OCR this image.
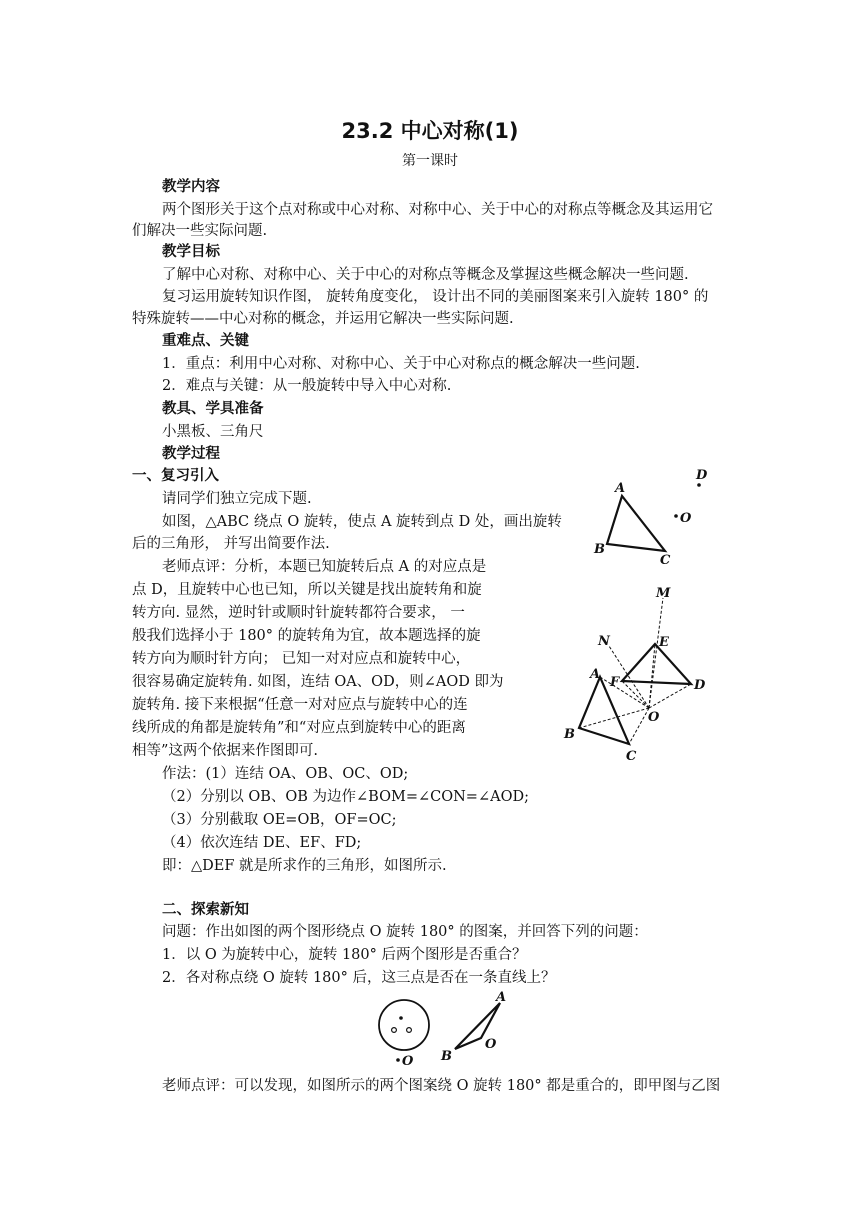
23.2 中心对称(1)
第一课时
教学内容
两个图形关于这个点对称或中心对称、对称中心、关于中心的对称点等概念及其运用它
们解决一些实际问题.
教学目标
了解中心对称、对称中心、关于中心的对称点等概念及掌握这些概念解决一些问题.
复习运用旋转知识作图， 旋转角度变化， 设计出不同的美丽图案来引入旋转 180° 的
特殊旋转——中心对称的概念，并运用它解决一些实际问题.
重难点、关键
1．重点：利用中心对称、对称中心、关于中心对称点的概念解决一些问题.
2．难点与关键：从一般旋转中导入中心对称.
教具、学具准备
小黑板、三角尺
教学过程
一、复习引入
请同学们独立完成下题.
如图，△ABC 绕点 O 旋转，使点 A 旋转到点 D 处，画出旋转
后的三角形， 并写出简要作法.
老师点评：分析，本题已知旋转后点 A 的对应点是
点 D，且旋转中心也已知，所以关键是找出旋转角和旋
转方向. 显然，逆时针或顺时针旋转都符合要求， 一
般我们选择小于 180° 的旋转角为宜，故本题选择的旋
转方向为顺时针方向； 已知一对对应点和旋转中心，
很容易确定旋转角. 如图，连结 OA、OD，则∠AOD 即为
旋转角. 接下来根据“任意一对对应点与旋转中心的连
线所成的角都是旋转角”和“对应点到旋转中心的距离
相等”这两个依据来作图即可.
作法：(1）连结 OA、OB、OC、OD;
（2）分别以 OB、OB 为边作∠BOM=∠CON=∠AOD;
（3）分别截取 OE=OB，OF=OC;
（4）依次连结 DE、EF、FD;
即：△DEF 就是所求作的三角形，如图所示.
二、探索新知
问题：作出如图的两个图形绕点 O 旋转 180° 的图案，并回答下列的问题：
1．以 O 为旋转中心，旋转 180° 后两个图形是否重合？
2．各对称点绕 O 旋转 180° 后，这三点是否在一条直线上？
老师点评：可以发现，如图所示的两个图案绕 O 旋转 180° 都是重合的，即甲图与乙图
A
B
C
D
O
M
N	E
A
F	D
O
B
C
O
A
B
O
